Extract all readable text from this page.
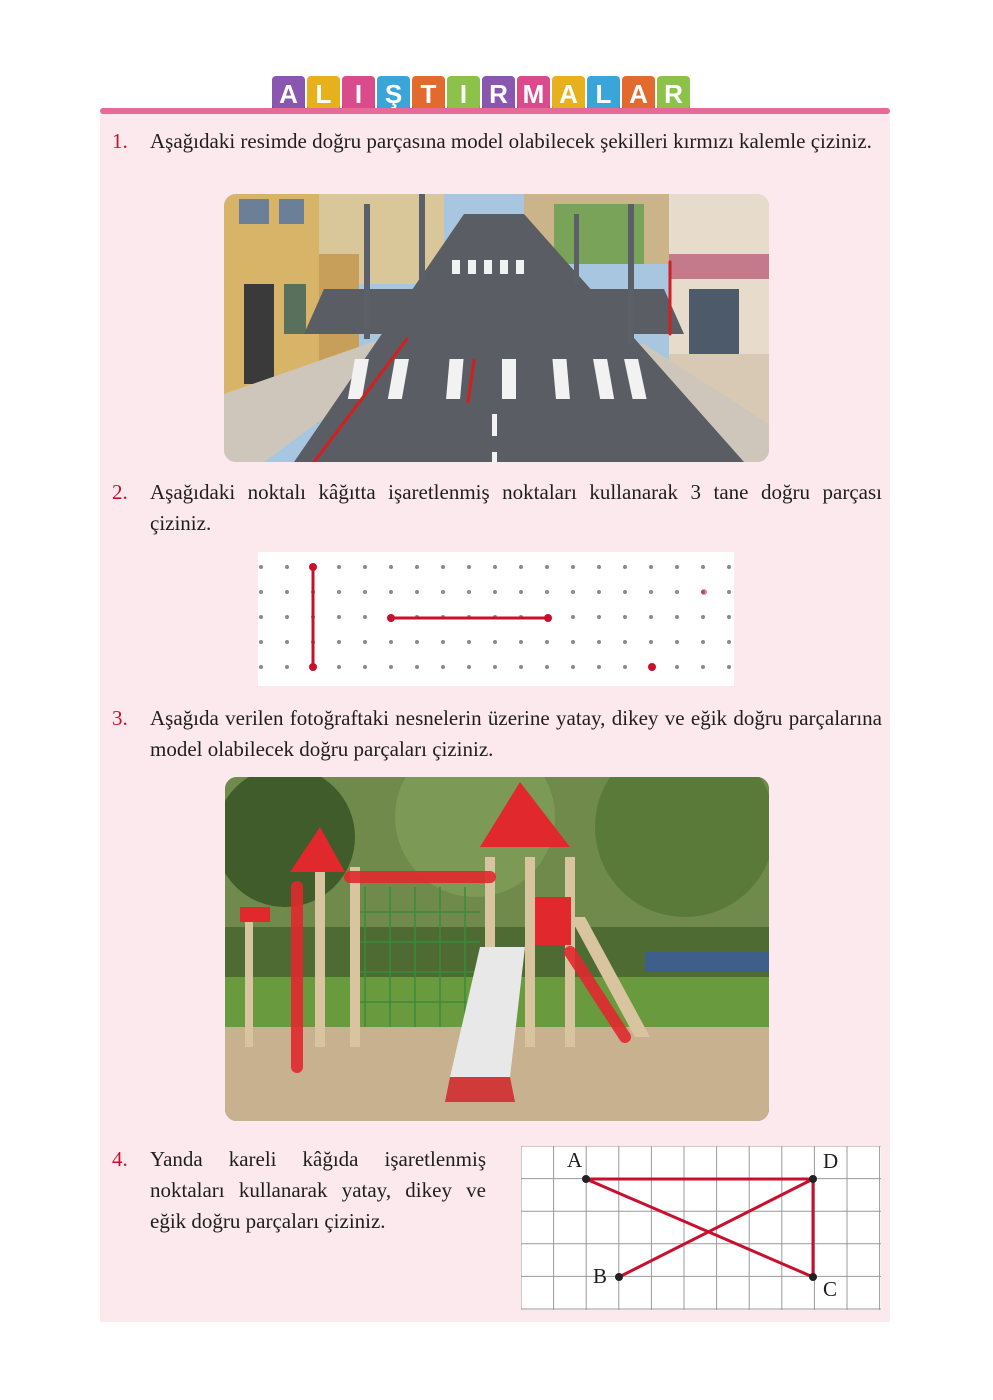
A L I Ş T I R M A L A R
1. Aşağıdaki resimde doğru parçasına model olabilecek şekilleri kırmızı kalemle çiziniz.
2. Aşağıdaki noktalı kâğıtta işaretlenmiş noktaları kullanarak 3 tane doğru parçası çiziniz.
3. Aşağıda verilen fotoğraftaki nesnelerin üzerine yatay, dikey ve eğik doğru parçalarına model olabilecek doğru parçaları çiziniz.
4. Yanda kareli kâğıda işaretlenmiş noktaları kullanarak yatay, dikey ve eğik doğru parçaları çiziniz.
A	D
B
C
